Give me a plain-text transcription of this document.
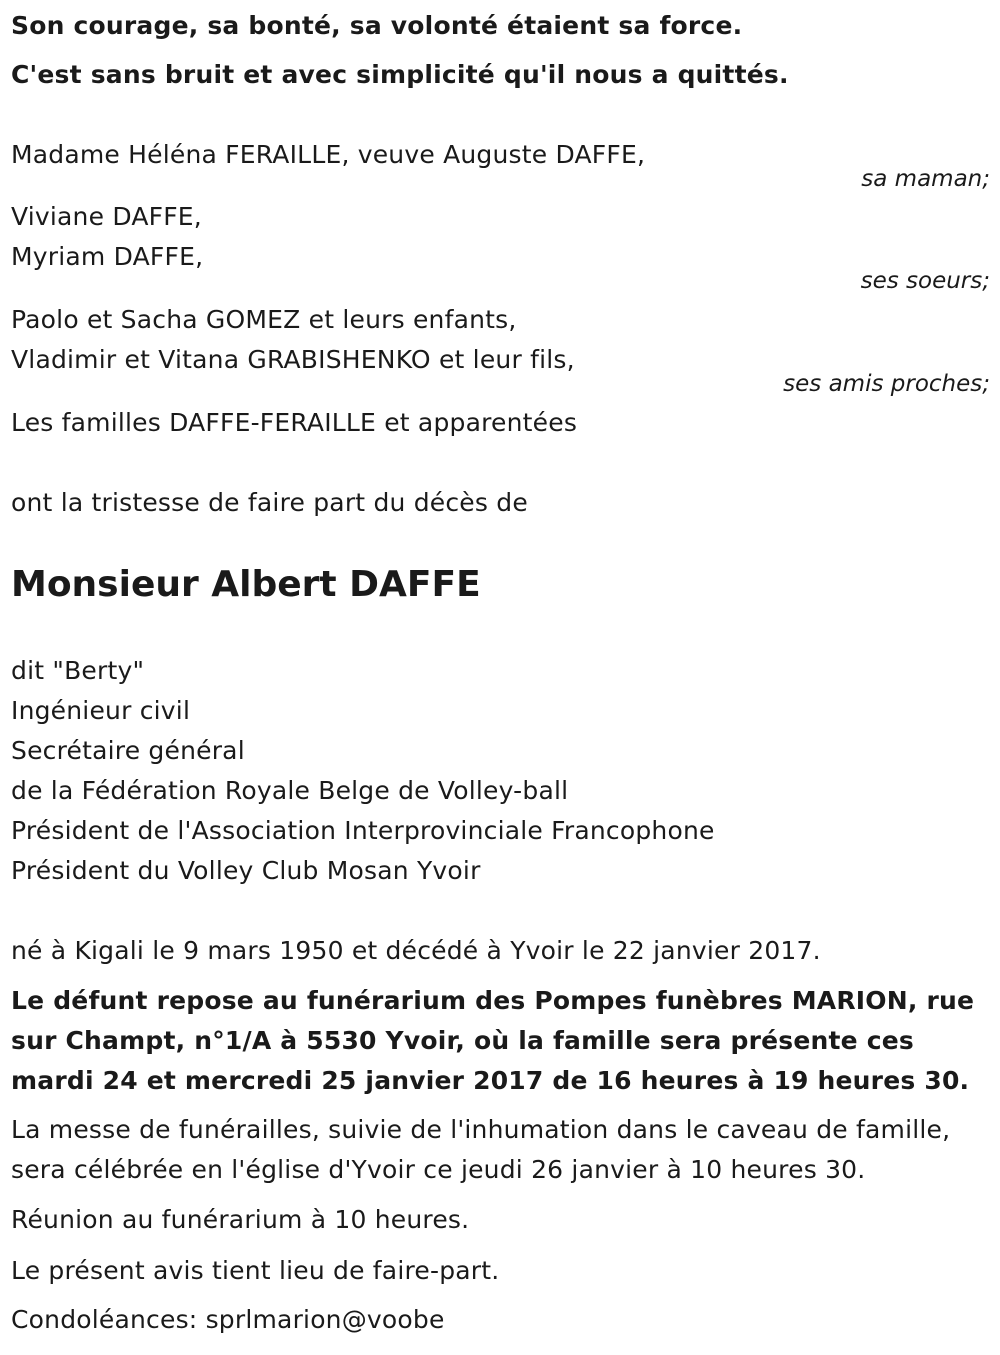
Son courage, sa bonté, sa volonté étaient sa force.
C'est sans bruit et avec simplicité qu'il nous a quittés.
Madame Héléna FERAILLE, veuve Auguste DAFFE,
sa maman;
Viviane DAFFE,
Myriam DAFFE,
ses soeurs;
Paolo et Sacha GOMEZ et leurs enfants,
Vladimir et Vitana GRABISHENKO et leur fils,
ses amis proches;
Les familles DAFFE-FERAILLE et apparentées
ont la tristesse de faire part du décès de
Monsieur Albert DAFFE
dit "Berty"
Ingénieur civil
Secrétaire général
de la Fédération Royale Belge de Volley-ball
Président de l'Association Interprovinciale Francophone
Président du Volley Club Mosan Yvoir
né à Kigali le 9 mars 1950 et décédé à Yvoir le 22 janvier 2017.
Le défunt repose au funérarium des Pompes funèbres MARION, rue sur Champt, n°1/A à 5530 Yvoir, où la famille sera présente ces mardi 24 et mercredi 25 janvier 2017 de 16 heures à 19 heures 30.
La messe de funérailles, suivie de l'inhumation dans le caveau de famille, sera célébrée en l'église d'Yvoir ce jeudi 26 janvier à 10 heures 30.
Réunion au funérarium à 10 heures.
Le présent avis tient lieu de faire-part.
Condoléances: sprlmarion@voobe
